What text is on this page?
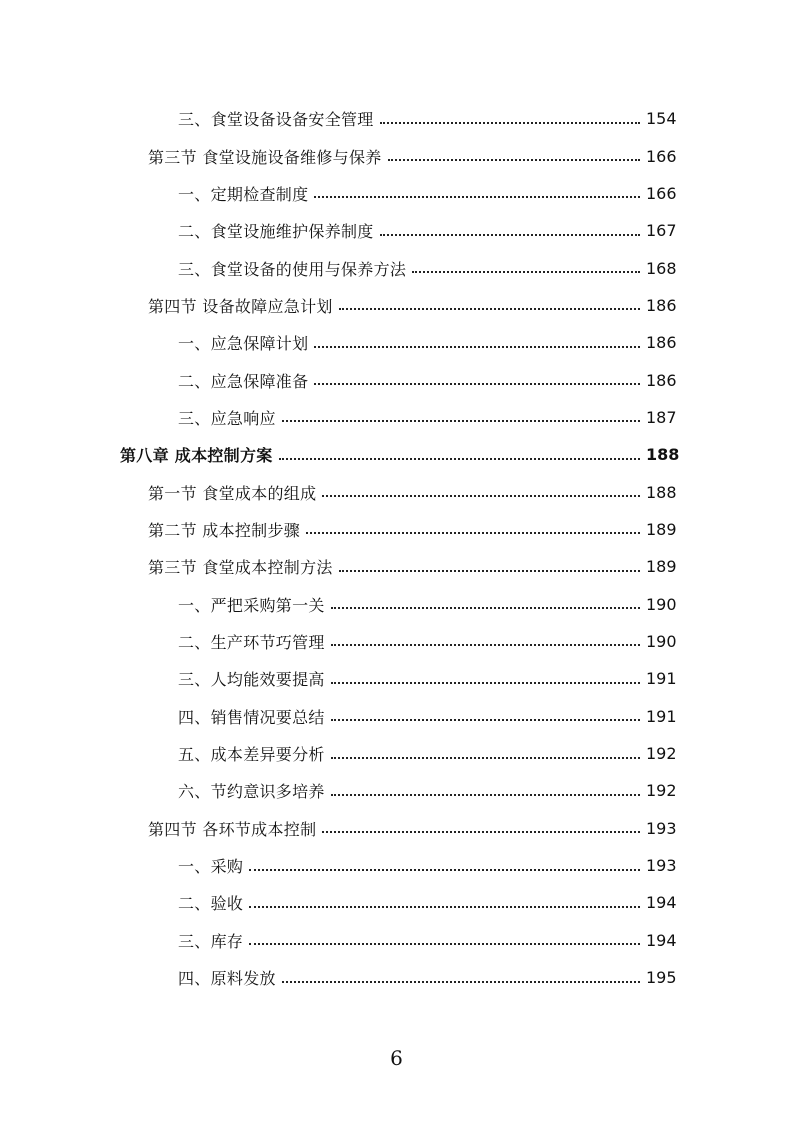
三、食堂设备设备安全管理	154
第三节 食堂设施设备维修与保养	166
一、定期检查制度	166
二、食堂设施维护保养制度	167
三、食堂设备的使用与保养方法	168
第四节 设备故障应急计划	186
一、应急保障计划	186
二、应急保障准备	186
三、应急响应	187
第八章 成本控制方案	188
第一节 食堂成本的组成	188
第二节 成本控制步骤	189
第三节 食堂成本控制方法	189
一、严把采购第一关	190
二、生产环节巧管理	190
三、人均能效要提高	191
四、销售情况要总结	191
五、成本差异要分析	192
六、节约意识多培养	192
第四节 各环节成本控制	193
一、采购	193
二、验收	194
三、库存	194
四、原料发放	195
6
